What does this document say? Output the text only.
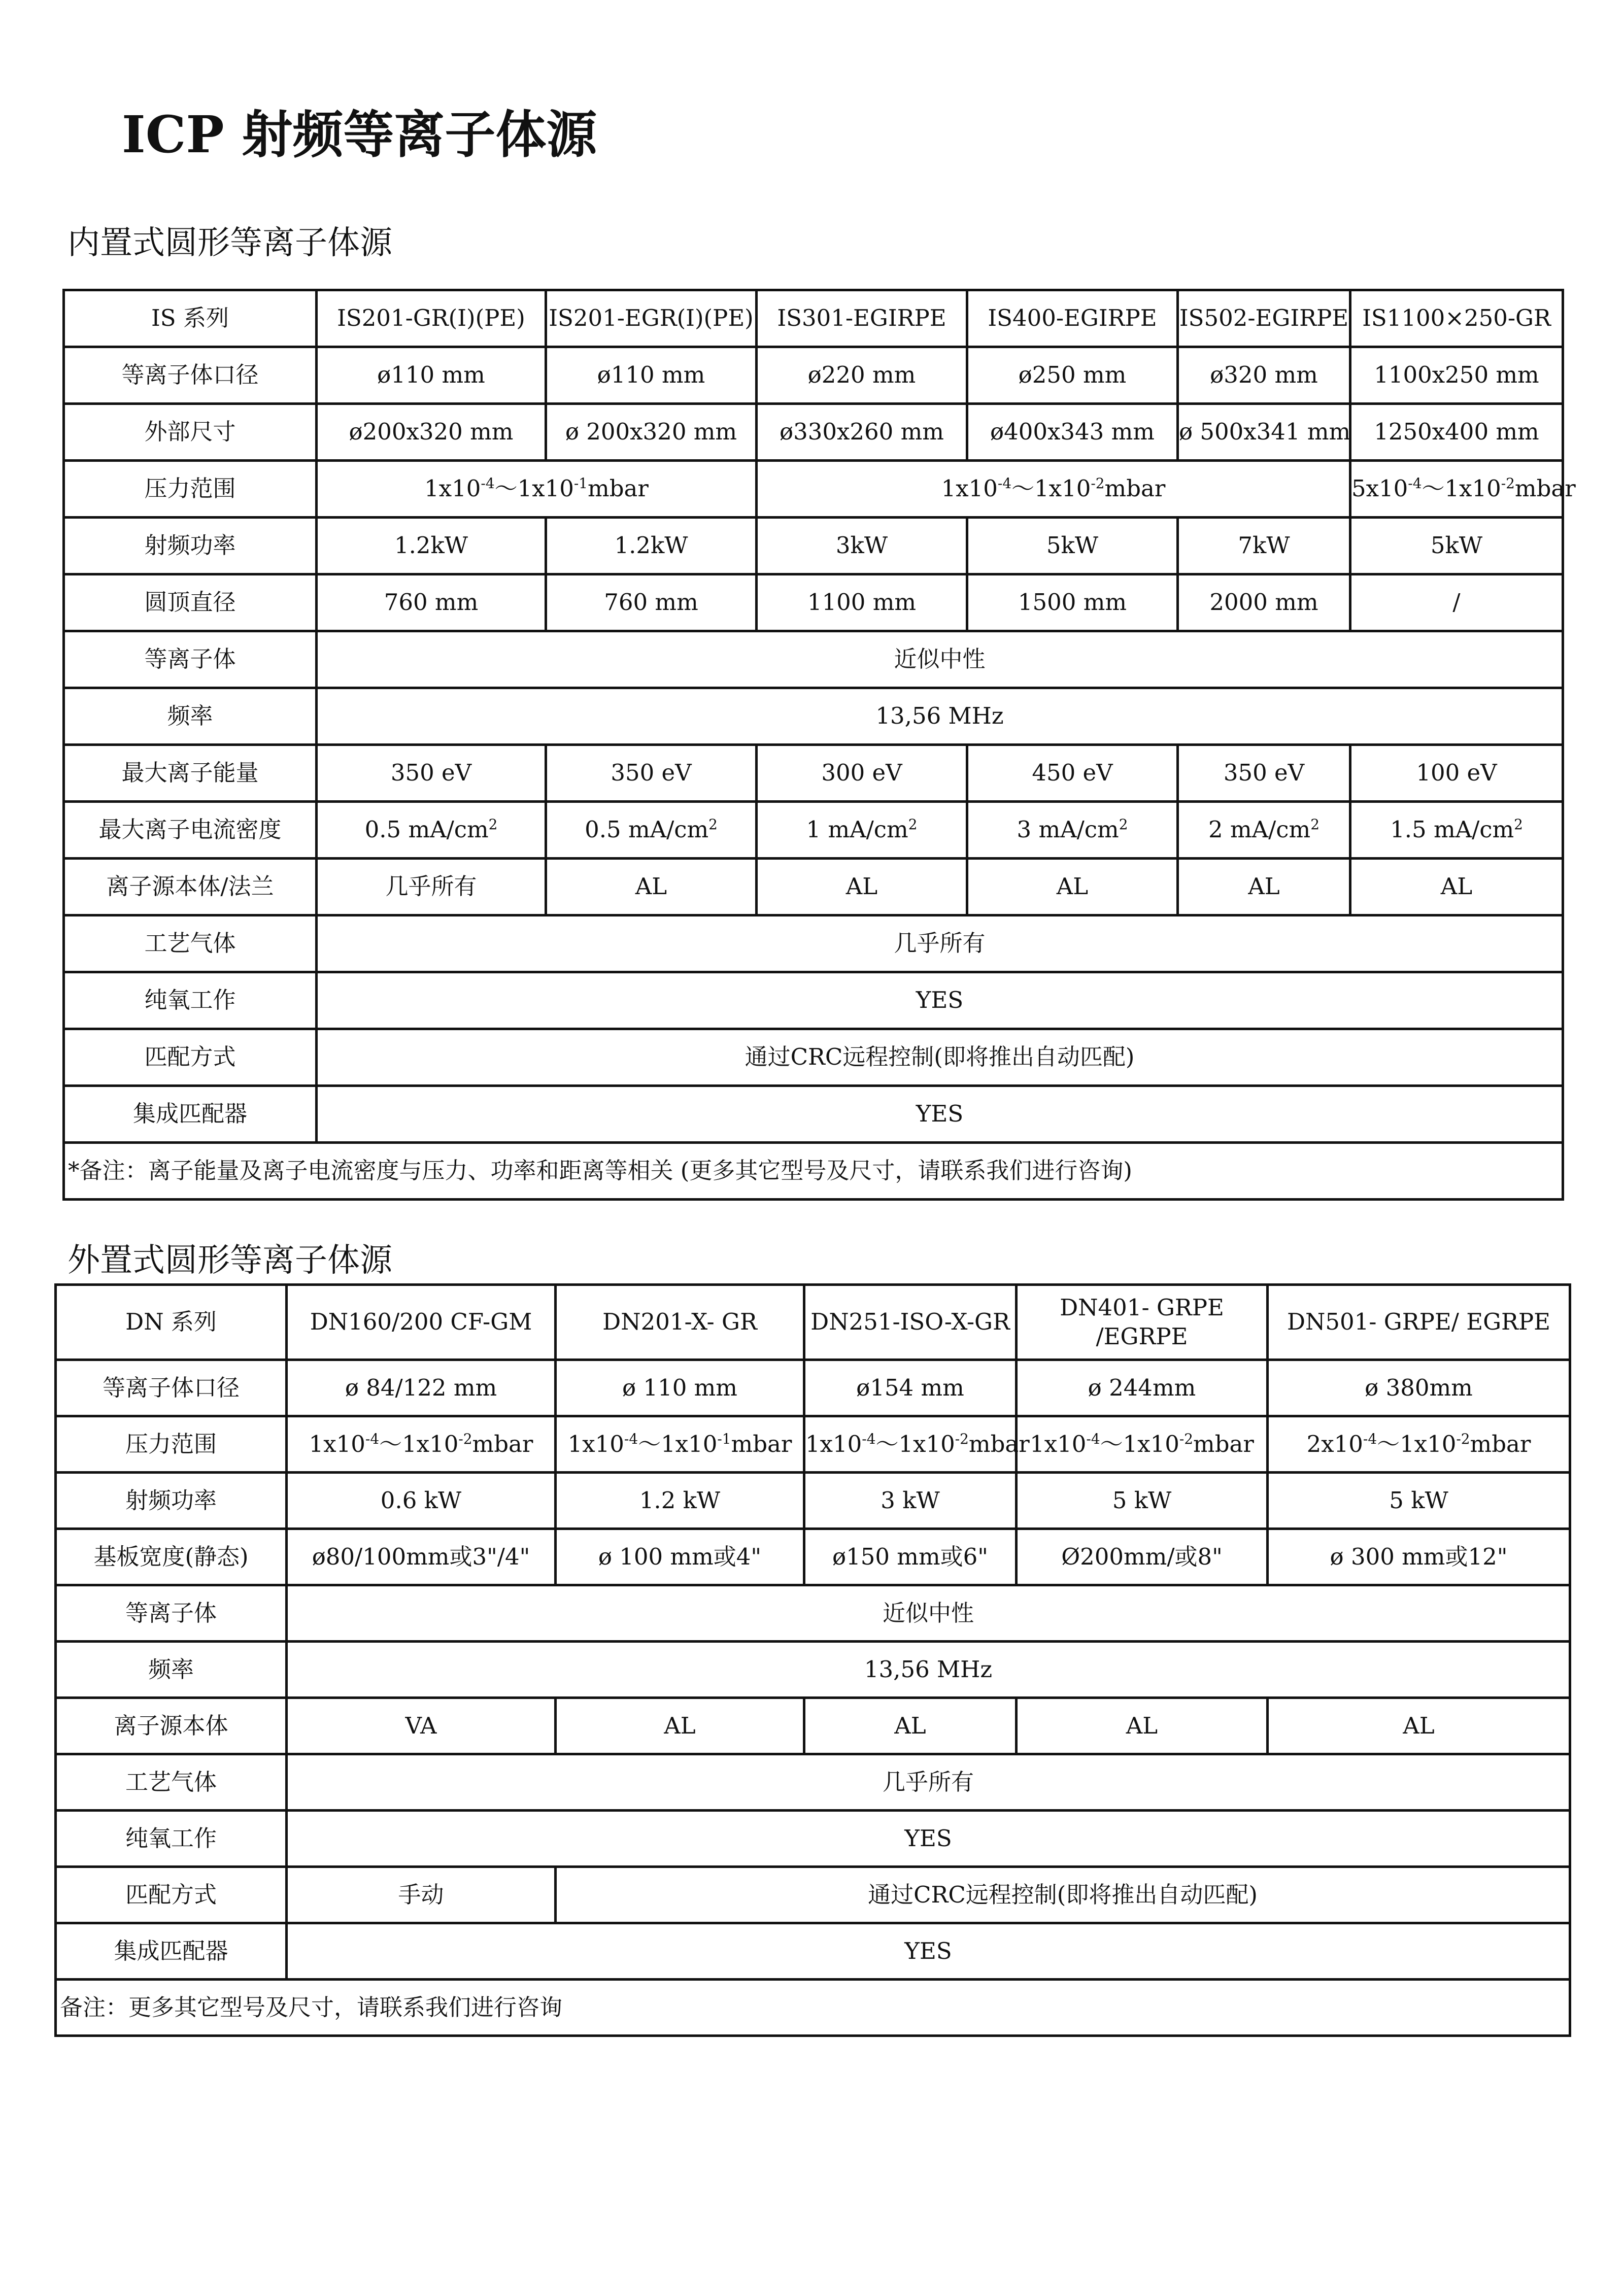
ICP 射频等离子体源
内置式圆形等离子体源
IS 系列	IS201-GR(I)(PE)	IS201-EGR(I)(PE)	IS301-EGIRPE	IS400-EGIRPE	IS502-EGIRPE	IS1100×250-GR
等离子体口径	ø110 mm	ø110 mm	ø220 mm	ø250 mm	ø320 mm	1100x250 mm
外部尺寸	ø200x320 mm	ø 200x320 mm	ø330x260 mm	ø400x343 mm	ø 500x341 mm	1250x400 mm
压力范围	$1x10^{-4}\sim 1x10^{-1}mbar$		$1x10^{-4}\sim 1x10^{-2}mbar$			$5x10^{-4}\sim 1x10^{-2}mbar$
射频功率	1.2kW	1.2kW	3kW	5kW	7kW	5kW
圆顶直径	760 mm	760 mm	1100 mm	1500 mm	2000 mm	/
等离子体	近似中性					
频率	13,56 MHz					
最大离子能量	350 eV	350 eV	300 eV	450 eV	350 eV	100 eV
最大离子电流密度	0.5 $mA/cm^2$	0.5 $mA/cm^2$	1 $mA/cm^2$	3 $mA/cm^2$	2 $mA/cm^2$	1.5 $mA/cm^2$
离子源本体/法兰	几乎所有	AL	AL	AL	AL	AL
工艺气体	几乎所有					
纯氧工作	YES					
匹配方式	通过CRC远程控制(即将推出自动匹配)					
集成匹配器	YES					
*备注：离子能量及离子电流密度与压力、功率和距离等相关 (更多其它型号及尺寸，请联系我们进行咨询)						
外置式圆形等离子体源
DN 系列	DN160/200 CF-GM	DN201-X- GR	DN251-ISO-X-GR	DN401- GRPE /EGRPE	DN501- GRPE/ EGRPE
等离子体口径	ø 84/122 mm	ø 110 mm	ø154 mm	ø 244mm	ø 380mm
压力范围	$1x10^{-4}\sim 1x10^{-2}mbar$	$1x10^{-4}\sim 1x10^{-1}mbar$	$1x10^{-4}\sim 1x10^{-2}mbar$	$1x10^{-4}\sim 1x10^{-2}mbar$	$2x10^{-4}\sim 1x10^{-2}mbar$
射频功率	0.6 kW	1.2 kW	3 kW	5 kW	5 kW
基板宽度(静态)	ø80/100mm或3"/4"	ø 100 mm或4"	ø150 mm或6"	Ø200mm/或8"	ø 300 mm或12"
等离子体	近似中性				
频率	13,56 MHz				
离子源本体	VA	AL	AL	AL	AL
工艺气体	几乎所有				
纯氧工作	YES				
匹配方式	手动	通过CRC远程控制(即将推出自动匹配)			
集成匹配器	YES				
备注：更多其它型号及尺寸，请联系我们进行咨询					
